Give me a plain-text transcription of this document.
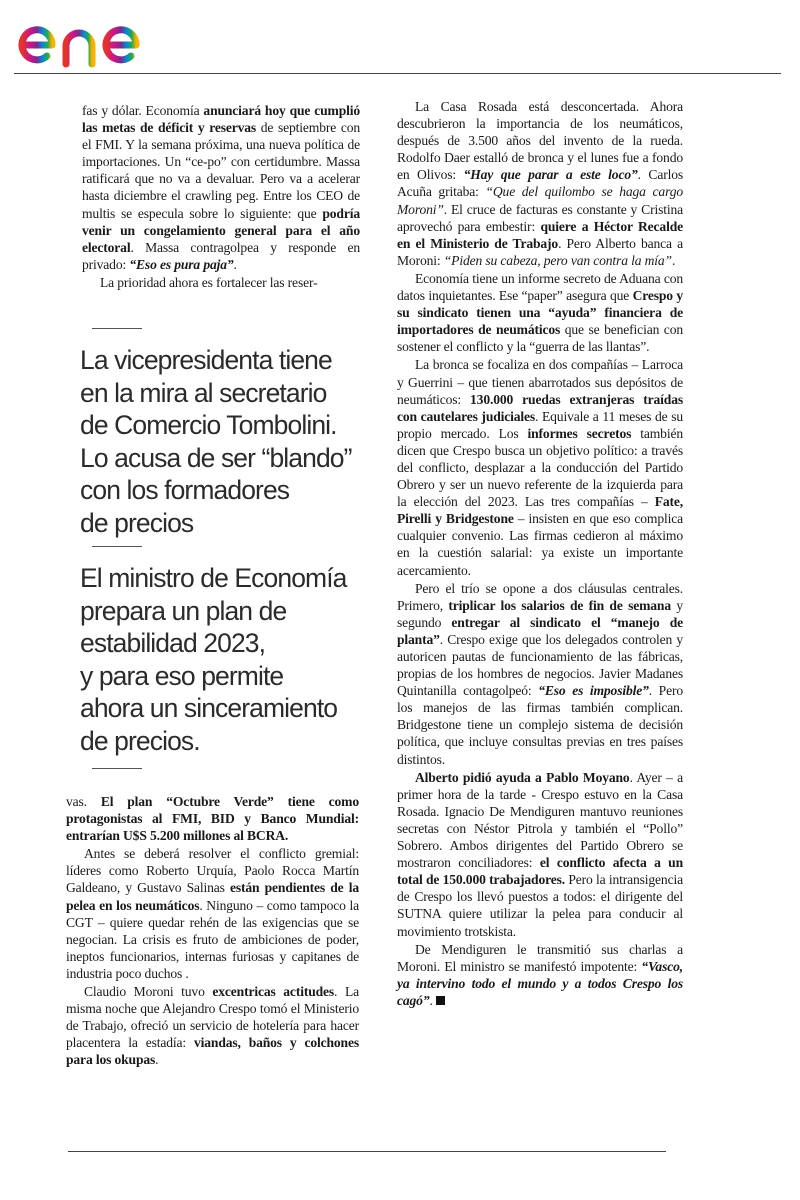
fas y dólar. Economía anunciará hoy que cumplió las metas de déficit y reservas de septiembre con el FMI. Y la semana próxima, una nueva política de importaciones. Un “ce-po” con certidumbre. Massa ratificará que no va a devaluar. Pero va a acelerar hasta diciembre el crawling peg. Entre los CEO de multis se especula sobre lo siguiente: que podría venir un congelamiento general para el año electoral. Massa contragolpea y responde en privado: “Eso es pura paja”.

La prioridad ahora es fortalecer las reser-

La vicepresidenta tiene
en la mira al secretario
de Comercio Tombolini.
Lo acusa de ser “blando”
con los formadores
de precios
El ministro de Economía
prepara un plan de
estabilidad 2023,
y para eso permite
ahora un sinceramiento
de precios.

vas. El plan “Octubre Verde” tiene como protagonistas al FMI, BID y Banco Mundial: entrarían U$S 5.200 millones al BCRA.

Antes se deberá resolver el conflicto gremial: líderes como Roberto Urquía, Paolo Rocca Martín Galdeano, y Gustavo Salinas están pendientes de la pelea en los neumáticos. Ninguno – como tampoco la CGT – quiere quedar rehén de las exigencias que se negocian. La crisis es fruto de ambiciones de poder, ineptos funcionarios, internas furiosas y capitanes de industria poco duchos .

Claudio Moroni tuvo excentricas actitudes. La misma noche que Alejandro Crespo tomó el Ministerio de Trabajo, ofreció un servicio de hotelería para hacer placentera la estadía: viandas, baños y colchones para los okupas.

La Casa Rosada está desconcertada. Ahora descubrieron la importancia de los neumáticos, después de 3.500 años del invento de la rueda. Rodolfo Daer estalló de bronca y el lunes fue a fondo en Olivos: “Hay que parar a este loco”. Carlos Acuña gritaba: “Que del quilombo se haga cargo Moroni”. El cruce de facturas es constante y Cristina aprovechó para embestir: quiere a Héctor Recalde en el Ministerio de Trabajo. Pero Alberto banca a Moroni: “Piden su cabeza, pero van contra la mía”.

Economía tiene un informe secreto de Aduana con datos inquietantes. Ese “paper” asegura que Crespo y su sindicato tienen una “ayuda” financiera de importadores de neumáticos que se benefician con sostener el conflicto y la “guerra de las llantas”.

La bronca se focaliza en dos compañías – Larroca y Guerrini – que tienen abarrotados sus depósitos de neumáticos: 130.000 ruedas extranjeras traídas con cautelares judiciales. Equivale a 11 meses de su propio mercado. Los informes secretos también dicen que Crespo busca un objetivo político: a través del conflicto, desplazar a la conducción del Partido Obrero y ser un nuevo referente de la izquierda para la elección del 2023. Las tres compañías – Fate, Pirelli y Bridgestone – insisten en que eso complica cualquier convenio. Las firmas cedieron al máximo en la cuestión salarial: ya existe un importante acercamiento.

Pero el trío se opone a dos cláusulas centrales. Primero, triplicar los salarios de fin de semana y segundo entregar al sindicato el “manejo de planta”. Crespo exige que los delegados controlen y autoricen pautas de funcionamiento de las fábricas, propias de los hombres de negocios. Javier Madanes Quintanilla contagolpeó: “Eso es imposible”. Pero los manejos de las firmas también complican. Bridgestone tiene un complejo sistema de decisión política, que incluye consultas previas en tres países distintos.

Alberto pidió ayuda a Pablo Moyano. Ayer – a primer hora de la tarde - Crespo estuvo en la Casa Rosada. Ignacio De Mendiguren mantuvo reuniones secretas con Néstor Pitrola y también el “Pollo” Sobrero. Ambos dirigentes del Partido Obrero se mostraron conciliadores: el conflicto afecta a un total de 150.000 trabajadores. Pero la intransigencia de Crespo los llevó puestos a todos: el dirigente del SUTNA quiere utilizar la pelea para conducir al movimiento trotskista.

De Mendiguren le transmitió sus charlas a Moroni. El ministro se manifestó impotente: “Vasco, ya intervino todo el mundo y a todos Crespo los cagó”.
